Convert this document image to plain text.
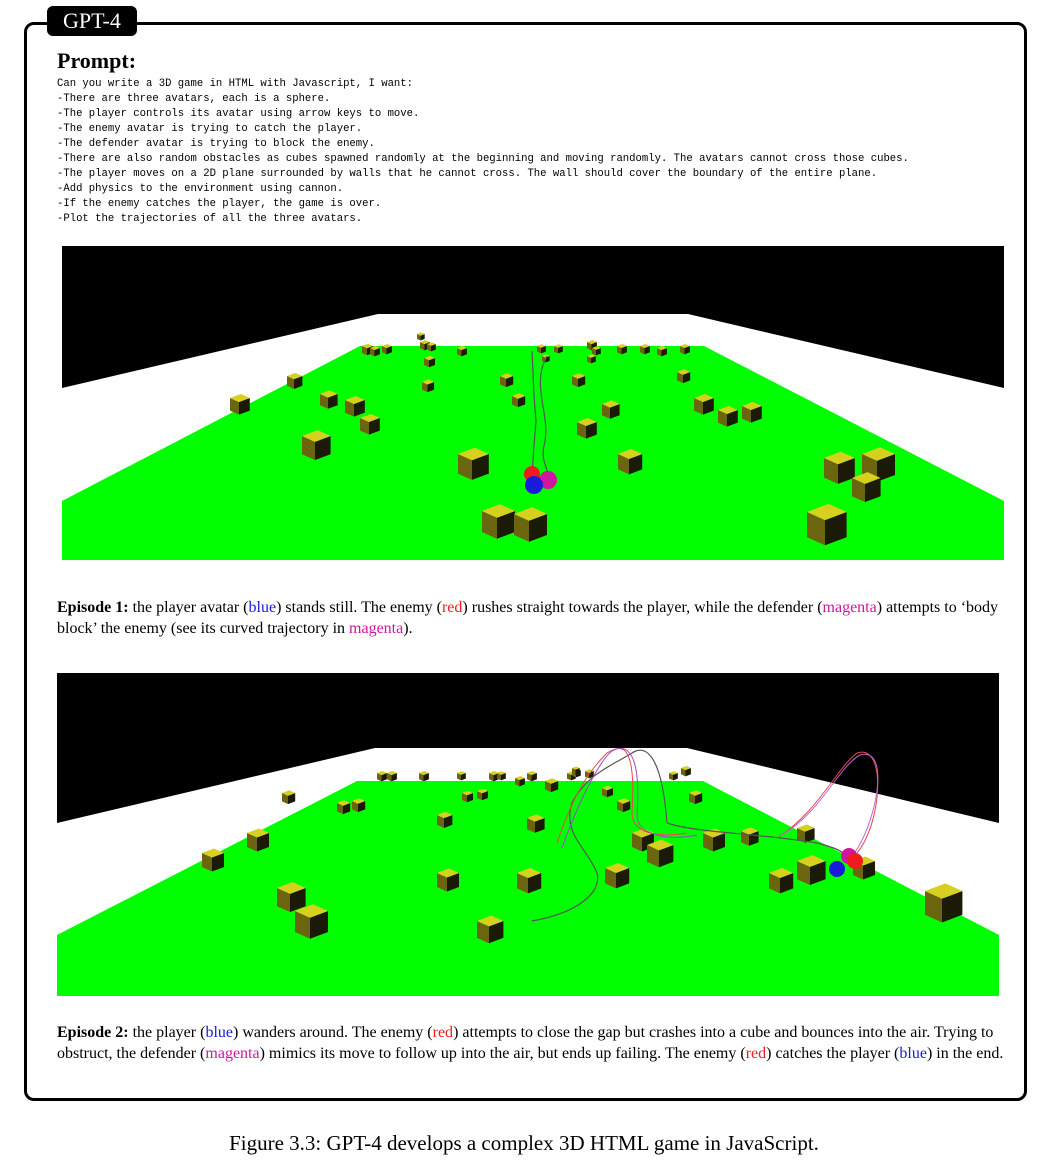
GPT-4
Prompt:
Can you write a 3D game in HTML with Javascript, I want:
-There are three avatars, each is a sphere.
-The player controls its avatar using arrow keys to move.
-The enemy avatar is trying to catch the player.
-The defender avatar is trying to block the enemy.
-There are also random obstacles as cubes spawned randomly at the beginning and moving randomly. The avatars cannot cross those cubes.
-The player moves on a 2D plane surrounded by walls that he cannot cross. The wall should cover the boundary of the entire plane.
-Add physics to the environment using cannon.
-If the enemy catches the player, the game is over.
-Plot the trajectories of all the three avatars.
Episode 1: the player avatar (blue) stands still. The enemy (red) rushes straight towards the player, while the defender (magenta) attempts to ‘body block’ the enemy (see its curved trajectory in magenta).
Episode 2: the player (blue) wanders around. The enemy (red) attempts to close the gap but crashes into a cube and bounces into the air. Trying to obstruct, the defender (magenta) mimics its move to follow up into the air, but ends up failing. The enemy (red) catches the player (blue) in the end.
Figure 3.3: GPT-4 develops a complex 3D HTML game in JavaScript.
